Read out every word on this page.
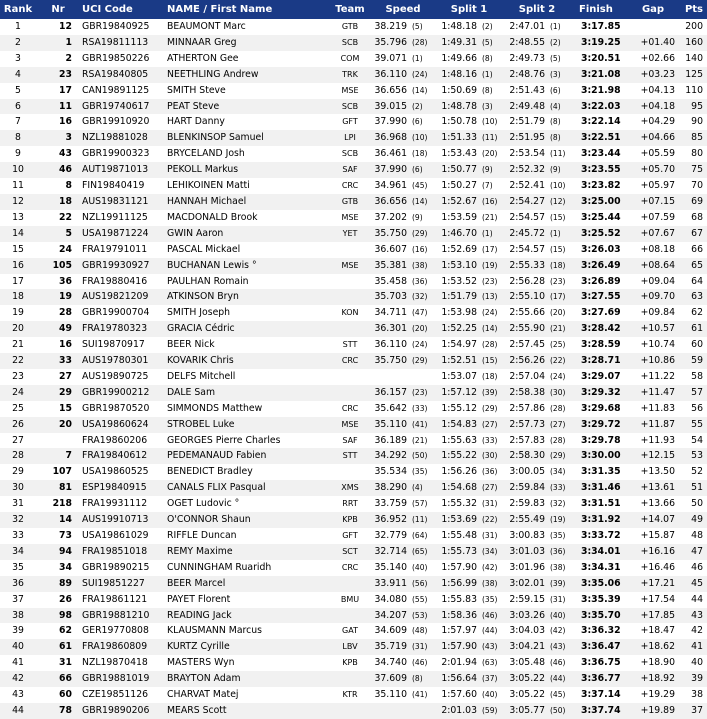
Rank	Nr	UCI Code	NAME / First Name	Team	Speed		Split 1		Split 2		Finish	Gap	Pts
1	12	GBR19840925	BEAUMONT Marc	GTB	38.219	(5)	1:48.18	(2)	2:47.01	(1)	3:17.85		200
2	1	RSA19811113	MINNAAR Greg	SCB	35.796	(28)	1:49.31	(5)	2:48.55	(2)	3:19.25	+01.40	160
3	2	GBR19850226	ATHERTON Gee	COM	39.071	(1)	1:49.66	(8)	2:49.73	(5)	3:20.51	+02.66	140
4	23	RSA19840805	NEETHLING Andrew	TRK	36.110	(24)	1:48.16	(1)	2:48.76	(3)	3:21.08	+03.23	125
5	17	CAN19891125	SMITH Steve	MSE	36.656	(14)	1:50.69	(8)	2:51.43	(6)	3:21.98	+04.13	110
6	11	GBR19740617	PEAT Steve	SCB	39.015	(2)	1:48.78	(3)	2:49.48	(4)	3:22.03	+04.18	95
7	16	GBR19910920	HART Danny	GFT	37.990	(6)	1:50.78	(10)	2:51.79	(8)	3:22.14	+04.29	90
8	3	NZL19881028	BLENKINSOP Samuel	LPI	36.968	(10)	1:51.33	(11)	2:51.95	(8)	3:22.51	+04.66	85
9	43	GBR19900323	BRYCELAND Josh	SCB	36.461	(18)	1:53.43	(20)	2:53.54	(11)	3:23.44	+05.59	80
10	46	AUT19871013	PEKOLL Markus	SAF	37.990	(6)	1:50.77	(9)	2:52.32	(9)	3:23.55	+05.70	75
11	8	FIN19840419	LEHIKOINEN Matti	CRC	34.961	(45)	1:50.27	(7)	2:52.41	(10)	3:23.82	+05.97	70
12	18	AUS19831121	HANNAH Michael	GTB	36.656	(14)	1:52.67	(16)	2:54.27	(12)	3:25.00	+07.15	69
13	22	NZL19911125	MACDONALD Brook	MSE	37.202	(9)	1:53.59	(21)	2:54.57	(15)	3:25.44	+07.59	68
14	5	USA19871224	GWIN Aaron	YET	35.750	(29)	1:46.70	(1)	2:45.72	(1)	3:25.52	+07.67	67
15	24	FRA19791011	PASCAL Mickael		36.607	(16)	1:52.69	(17)	2:54.57	(15)	3:26.03	+08.18	66
16	105	GBR19930927	BUCHANAN Lewis °	MSE	35.381	(38)	1:53.10	(19)	2:55.33	(18)	3:26.49	+08.64	65
17	36	FRA19880416	PAULHAN Romain		35.458	(36)	1:53.52	(23)	2:56.28	(23)	3:26.89	+09.04	64
18	19	AUS19821209	ATKINSON Bryn		35.703	(32)	1:51.79	(13)	2:55.10	(17)	3:27.55	+09.70	63
19	28	GBR19900704	SMITH Joseph	KON	34.711	(47)	1:53.98	(24)	2:55.66	(20)	3:27.69	+09.84	62
20	49	FRA19780323	GRACIA Cédric		36.301	(20)	1:52.25	(14)	2:55.90	(21)	3:28.42	+10.57	61
21	16	SUI19870917	BEER Nick	STT	36.110	(24)	1:54.97	(28)	2:57.45	(25)	3:28.59	+10.74	60
22	33	AUS19780301	KOVARIK Chris	CRC	35.750	(29)	1:52.51	(15)	2:56.26	(22)	3:28.71	+10.86	59
23	27	AUS19890725	DELFS Mitchell				1:53.07	(18)	2:57.04	(24)	3:29.07	+11.22	58
24	29	GBR19900212	DALE Sam		36.157	(23)	1:57.12	(39)	2:58.38	(30)	3:29.32	+11.47	57
25	15	GBR19870520	SIMMONDS Matthew	CRC	35.642	(33)	1:55.12	(29)	2:57.86	(28)	3:29.68	+11.83	56
26	20	USA19860624	STROBEL Luke	MSE	35.110	(41)	1:54.83	(27)	2:57.73	(27)	3:29.72	+11.87	55
27		FRA19860206	GEORGES Pierre Charles	SAF	36.189	(21)	1:55.63	(33)	2:57.83	(28)	3:29.78	+11.93	54
28	7	FRA19840612	PEDEMANAUD Fabien	STT	34.292	(50)	1:55.22	(30)	2:58.30	(29)	3:30.00	+12.15	53
29	107	USA19860525	BENEDICT Bradley		35.534	(35)	1:56.26	(36)	3:00.05	(34)	3:31.35	+13.50	52
30	81	ESP19840915	CANALS FLIX Pasqual	XMS	38.290	(4)	1:54.68	(27)	2:59.84	(33)	3:31.46	+13.61	51
31	218	FRA19931112	OGET Ludovic °	RRT	33.759	(57)	1:55.32	(31)	2:59.83	(32)	3:31.51	+13.66	50
32	14	AUS19910713	O'CONNOR Shaun	KPB	36.952	(11)	1:53.69	(22)	2:55.49	(19)	3:31.92	+14.07	49
33	73	USA19861029	RIFFLE Duncan	GFT	32.779	(64)	1:55.48	(31)	3:00.83	(35)	3:33.72	+15.87	48
34	94	FRA19851018	REMY Maxime	SCT	32.714	(65)	1:55.73	(34)	3:01.03	(36)	3:34.01	+16.16	47
35	34	GBR19890215	CUNNINGHAM Ruaridh	CRC	35.140	(40)	1:57.90	(42)	3:01.96	(38)	3:34.31	+16.46	46
36	89	SUI19851227	BEER Marcel		33.911	(56)	1:56.99	(38)	3:02.01	(39)	3:35.06	+17.21	45
37	26	FRA19861121	PAYET Florent	BMU	34.080	(55)	1:55.83	(35)	2:59.15	(31)	3:35.39	+17.54	44
38	98	GBR19881210	READING Jack		34.207	(53)	1:58.36	(46)	3:03.26	(40)	3:35.70	+17.85	43
39	62	GER19770808	KLAUSMANN Marcus	GAT	34.609	(48)	1:57.97	(44)	3:04.03	(42)	3:36.32	+18.47	42
40	61	FRA19860809	KURTZ Cyrille	LBV	35.719	(31)	1:57.90	(43)	3:04.21	(43)	3:36.47	+18.62	41
41	31	NZL19870418	MASTERS Wyn	KPB	34.740	(46)	2:01.94	(63)	3:05.48	(46)	3:36.75	+18.90	40
42	66	GBR19881019	BRAYTON Adam		37.609	(8)	1:56.64	(37)	3:05.22	(44)	3:36.77	+18.92	39
43	60	CZE19851126	CHARVAT Matej	KTR	35.110	(41)	1:57.60	(40)	3:05.22	(45)	3:37.14	+19.29	38
44	78	GBR19890206	MEARS Scott				2:01.03	(59)	3:05.77	(50)	3:37.74	+19.89	37
